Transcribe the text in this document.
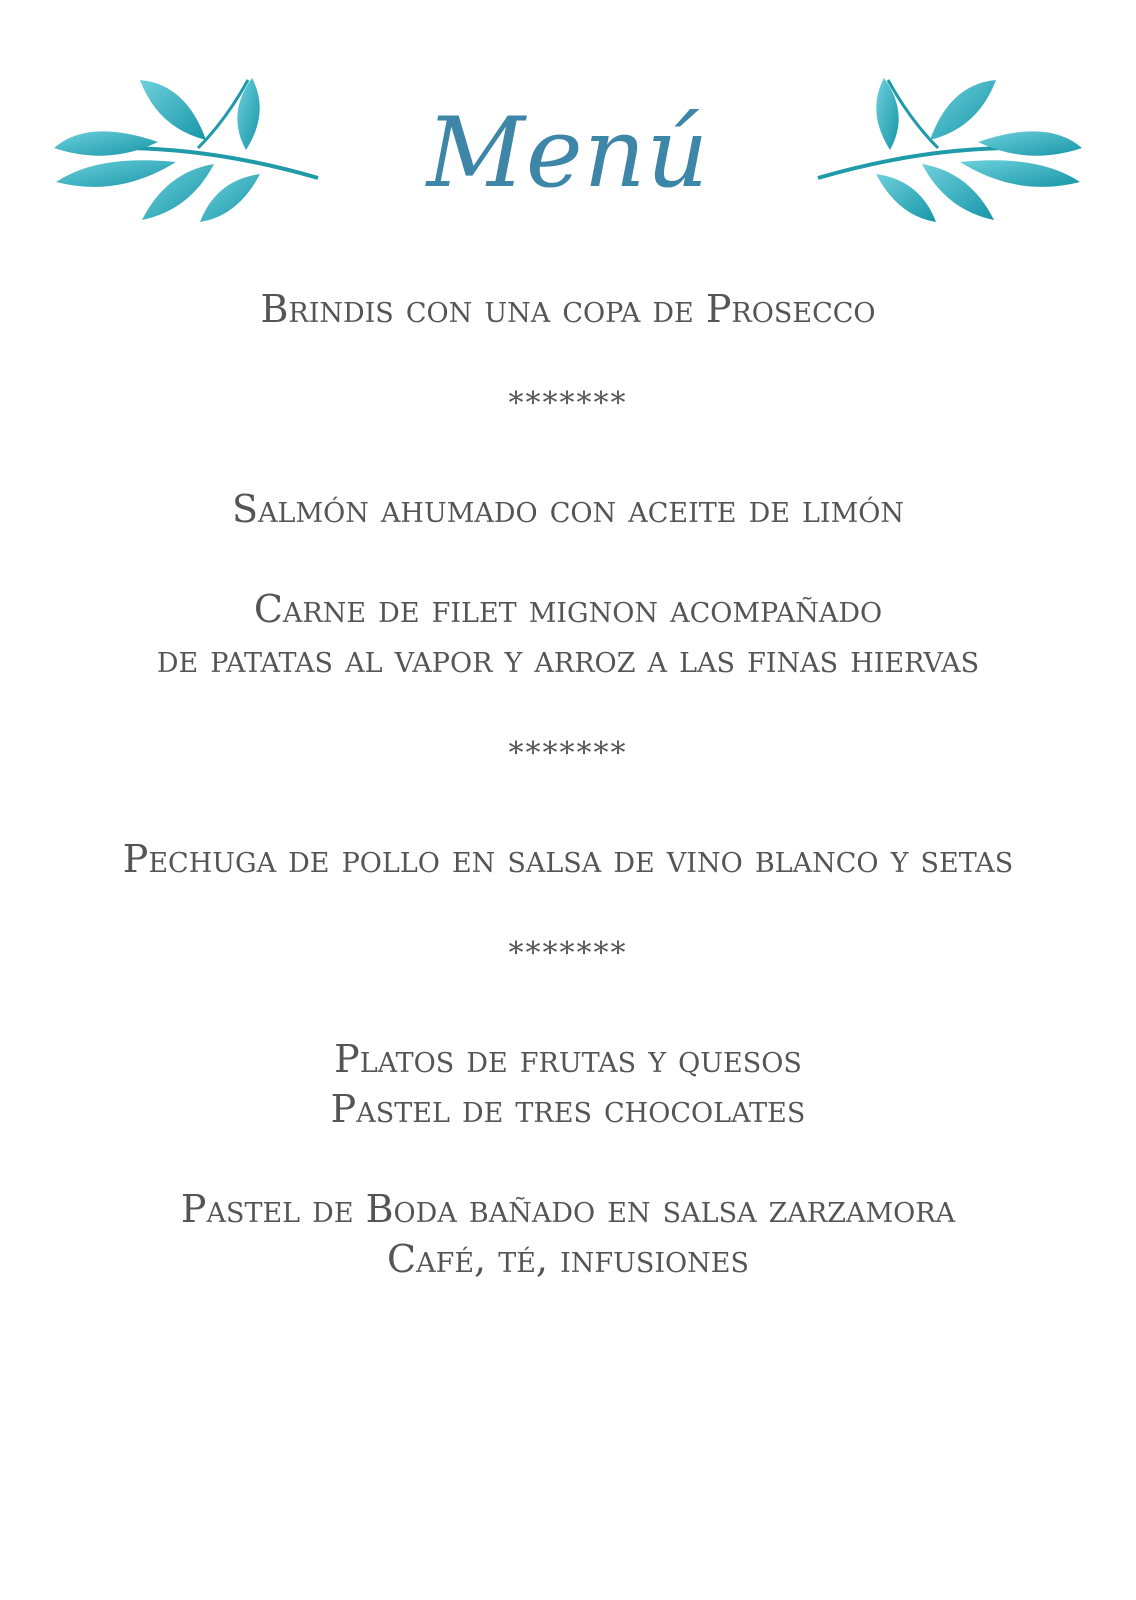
Menú
Brindis con una copa de Prosecco
*******
Salmón ahumado con aceite de limón
Carne de filet mignon acompañado
de patatas al vapor y arroz a las finas hiervas
*******
Pechuga de pollo en salsa de vino blanco y setas
*******
Platos de frutas y quesos
Pastel de tres chocolates
Pastel de Boda bañado en salsa zarzamora
Café, té, infusiones
